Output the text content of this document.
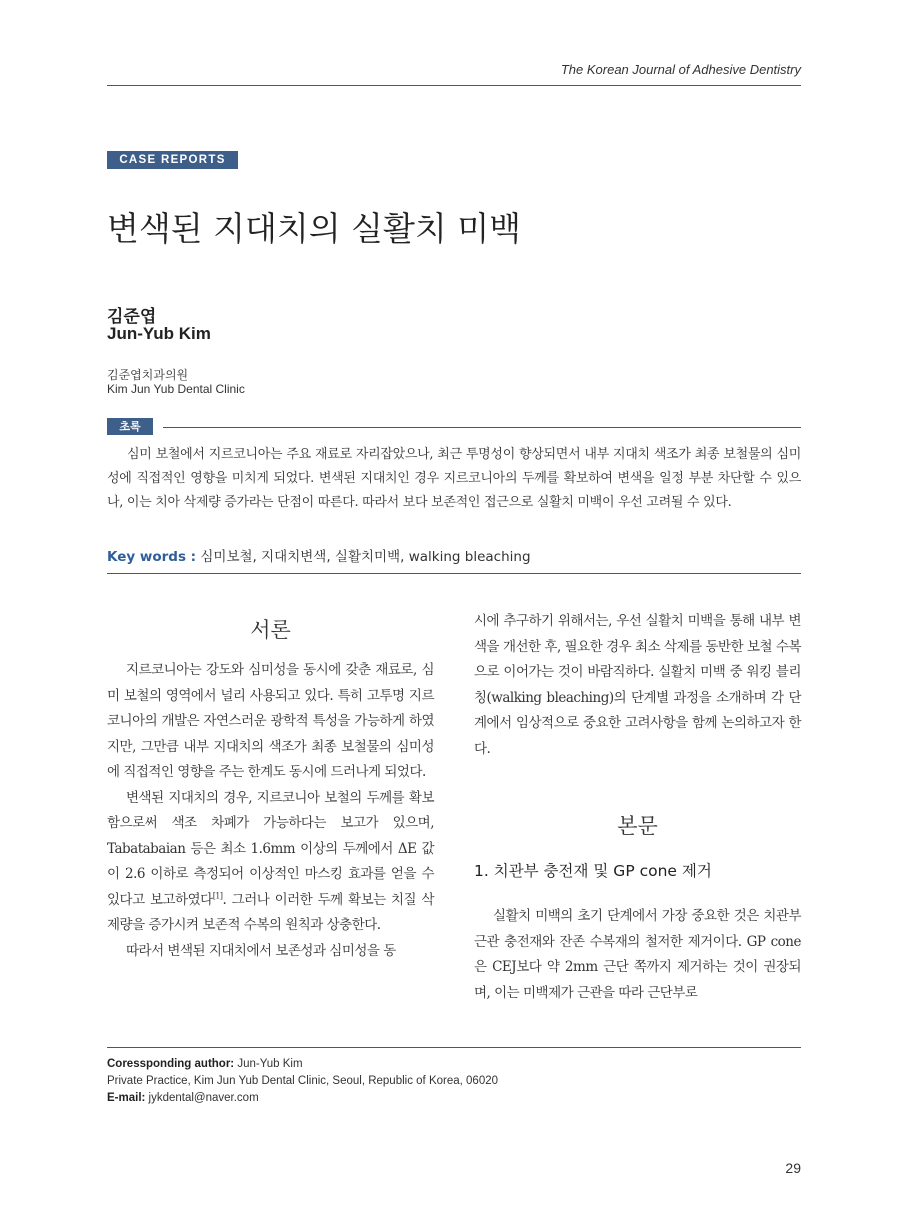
The Korean Journal of Adhesive Dentistry
CASE REPORTS
변색된 지대치의 실활치 미백
김준엽
Jun-Yub Kim
김준엽치과의원
Kim Jun Yub Dental Clinic
초록
심미 보철에서 지르코니아는 주요 재료로 자리잡았으나, 최근 투명성이 향상되면서 내부 지대치 색조가 최종 보철물의 심미성에 직접적인 영향을 미치게 되었다. 변색된 지대치인 경우 지르코니아의 두께를 확보하여 변색을 일정 부분 차단할 수 있으나, 이는 치아 삭제량 증가라는 단점이 따른다. 따라서 보다 보존적인 접근으로 실활치 미백이 우선 고려될 수 있다.
Key words : 심미보철, 지대치변색, 실활치미백, walking bleaching
서론

지르코니아는 강도와 심미성을 동시에 갖춘 재료로, 심미 보철의 영역에서 널리 사용되고 있다. 특히 고투명 지르코니아의 개발은 자연스러운 광학적 특성을 가능하게 하였지만, 그만큼 내부 지대치의 색조가 최종 보철물의 심미성에 직접적인 영향을 주는 한계도 동시에 드러나게 되었다.

변색된 지대치의 경우, 지르코니아 보철의 두께를 확보함으로써 색조 차폐가 가능하다는 보고가 있으며, Tabatabaian 등은 최소 1.6mm 이상의 두께에서 ΔE 값이 2.6 이하로 측정되어 이상적인 마스킹 효과를 얻을 수 있다고 보고하였다[1]. 그러나 이러한 두께 확보는 치질 삭제량을 증가시켜 보존적 수복의 원칙과 상충한다.

따라서 변색된 지대치에서 보존성과 심미성을 동

시에 추구하기 위해서는, 우선 실활치 미백을 통해 내부 변색을 개선한 후, 필요한 경우 최소 삭제를 동반한 보철 수복으로 이어가는 것이 바람직하다. 실활치 미백 중 워킹 블리칭(walking bleaching)의 단계별 과정을 소개하며 각 단계에서 임상적으로 중요한 고려사항을 함께 논의하고자 한다.

본문
1. 치관부 충전재 및 GP cone 제거

실활치 미백의 초기 단계에서 가장 중요한 것은 치관부 근관 충전재와 잔존 수복재의 철저한 제거이다. GP cone은 CEJ보다 약 2mm 근단 쪽까지 제거하는 것이 권장되며, 이는 미백제가 근관을 따라 근단부로

Coressponding author: Jun-Yub Kim
Private Practice, Kim Jun Yub Dental Clinic, Seoul, Republic of Korea, 06020
E-mail: jykdental@naver.com
29
